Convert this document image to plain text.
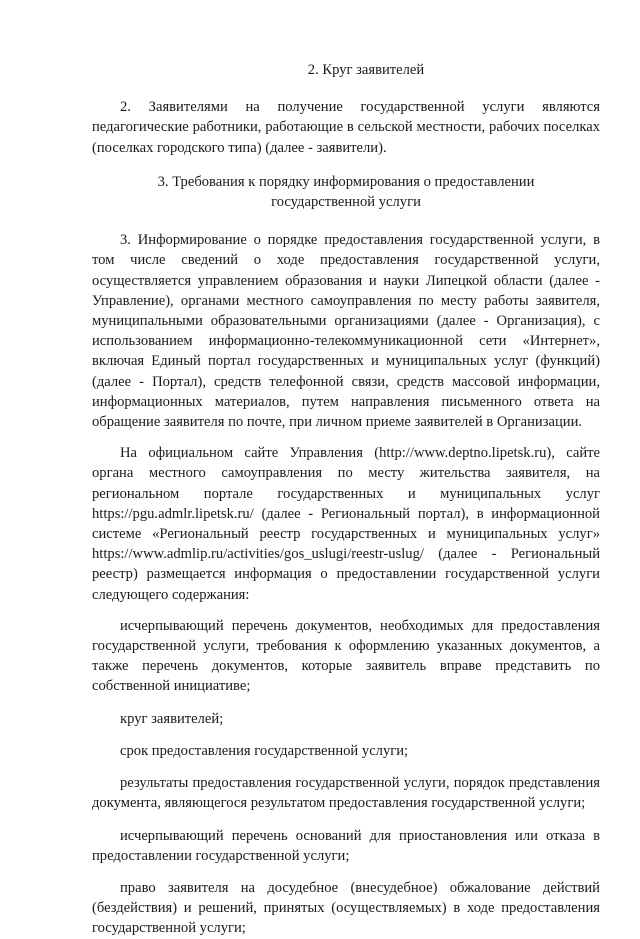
2. Круг заявителей

2. Заявителями на получение государственной услуги являются педагогические работники, работающие в сельской местности, рабочих поселках (поселках городского типа) (далее - заявители).

3. Требования к порядку информирования о предоставлении государственной услуги

3. Информирование о порядке предоставления государственной услуги, в том числе сведений о ходе предоставления государственной услуги, осуществляется управлением образования и науки Липецкой области (далее - Управление), органами местного самоуправления по месту работы заявителя, муниципальными образовательными организациями (далее - Организация), с использованием информационно-телекоммуникационной сети «Интернет», включая Единый портал государственных и муниципальных услуг (функций) (далее - Портал), средств телефонной связи, средств массовой информации, информационных материалов, путем направления письменного ответа на обращение заявителя по почте, при личном приеме заявителей в Организации.

На официальном сайте Управления (http://www.deptno.lipetsk.ru), сайте органа местного самоуправления по месту жительства заявителя, на региональном портале государственных и муниципальных услуг https://pgu.admlr.lipetsk.ru/ (далее - Региональный портал), в информационной системе «Региональный реестр государственных и муниципальных услуг» https://www.admlip.ru/activities/gos_uslugi/reestr-uslug/ (далее - Региональный реестр) размещается информация о предоставлении государственной услуги следующего содержания:

исчерпывающий перечень документов, необходимых для предоставления государственной услуги, требования к оформлению указанных документов, а также перечень документов, которые заявитель вправе представить по собственной инициативе;

круг заявителей;

срок предоставления государственной услуги;

результаты предоставления государственной услуги, порядок представления документа, являющегося результатом предоставления государственной услуги;

исчерпывающий перечень оснований для приостановления или отказа в предоставлении государственной услуги;

право заявителя на досудебное (внесудебное) обжалование действий (бездействия) и решений, принятых (осуществляемых) в ходе предоставления государственной услуги;
